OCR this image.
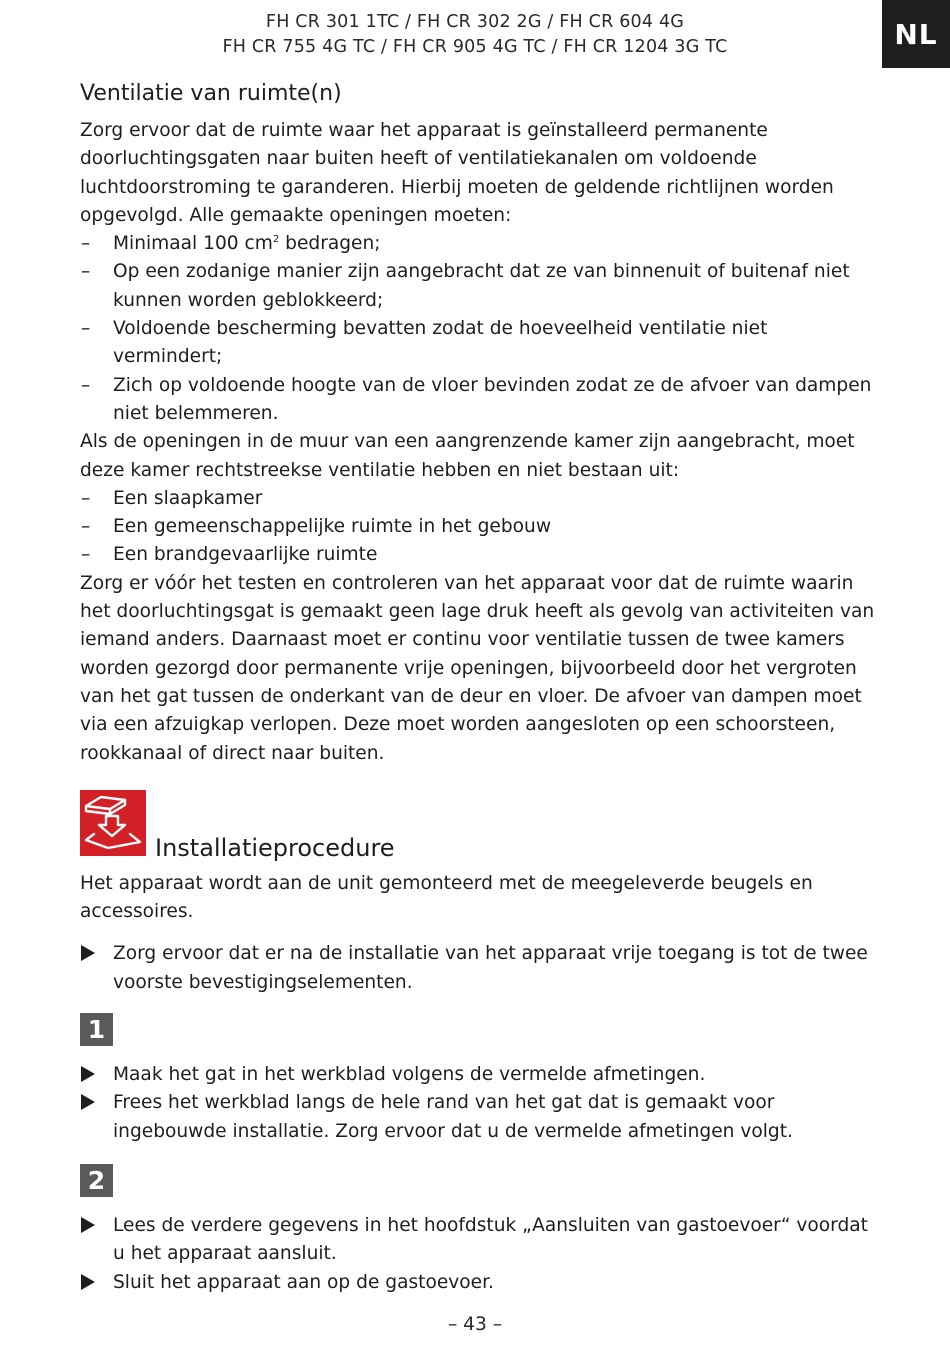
FH CR 301 1TC / FH CR 302 2G / FH CR 604 4G
FH CR 755 4G TC / FH CR 905 4G TC / FH CR 1204 3G TC	NL
Ventilatie van ruimte(n)

Zorg ervoor dat de ruimte waar het apparaat is geïnstalleerd permanente doorluchtingsgaten naar buiten heeft of ventilatiekanalen om voldoende luchtdoorstroming te garanderen. Hierbij moeten de geldende richtlijnen worden opgevolgd. Alle gemaakte openingen moeten:

– Minimaal 100 $cm^2$ bedragen;
– Op een zodanige manier zijn aangebracht dat ze van binnenuit of buitenaf niet kunnen worden geblokkeerd;
– Voldoende bescherming bevatten zodat de hoeveelheid ventilatie niet vermindert;
– Zich op voldoende hoogte van de vloer bevinden zodat ze de afvoer van dampen niet belemmeren.

Als de openingen in de muur van een aangrenzende kamer zijn aangebracht, moet deze kamer rechtstreekse ventilatie hebben en niet bestaan uit:

– Een slaapkamer
– Een gemeenschappelijke ruimte in het gebouw
– Een brandgevaarlijke ruimte

Zorg er vóór het testen en controleren van het apparaat voor dat de ruimte waarin het doorluchtingsgat is gemaakt geen lage druk heeft als gevolg van activiteiten van iemand anders. Daarnaast moet er continu voor ventilatie tussen de twee kamers worden gezorgd door permanente vrije openingen, bijvoorbeeld door het vergroten van het gat tussen de onderkant van de deur en vloer. De afvoer van dampen moet via een afzuigkap verlopen. Deze moet worden aangesloten op een schoorsteen, rookkanaal of direct naar buiten.

Installatieprocedure

Het apparaat wordt aan de unit gemonteerd met de meegeleverde beugels en accessoires.

Zorg ervoor dat er na de installatie van het apparaat vrije toegang is tot de twee voorste bevestigingselementen.
1
Maak het gat in het werkblad volgens de vermelde afmetingen.
Frees het werkblad langs de hele rand van het gat dat is gemaakt voor ingebouwde installatie. Zorg ervoor dat u de vermelde afmetingen volgt.
2
Lees de verdere gegevens in het hoofdstuk „Aansluiten van gastoevoer“ voordat u het apparaat aansluit.
Sluit het apparaat aan op de gastoevoer.
– 43 –
